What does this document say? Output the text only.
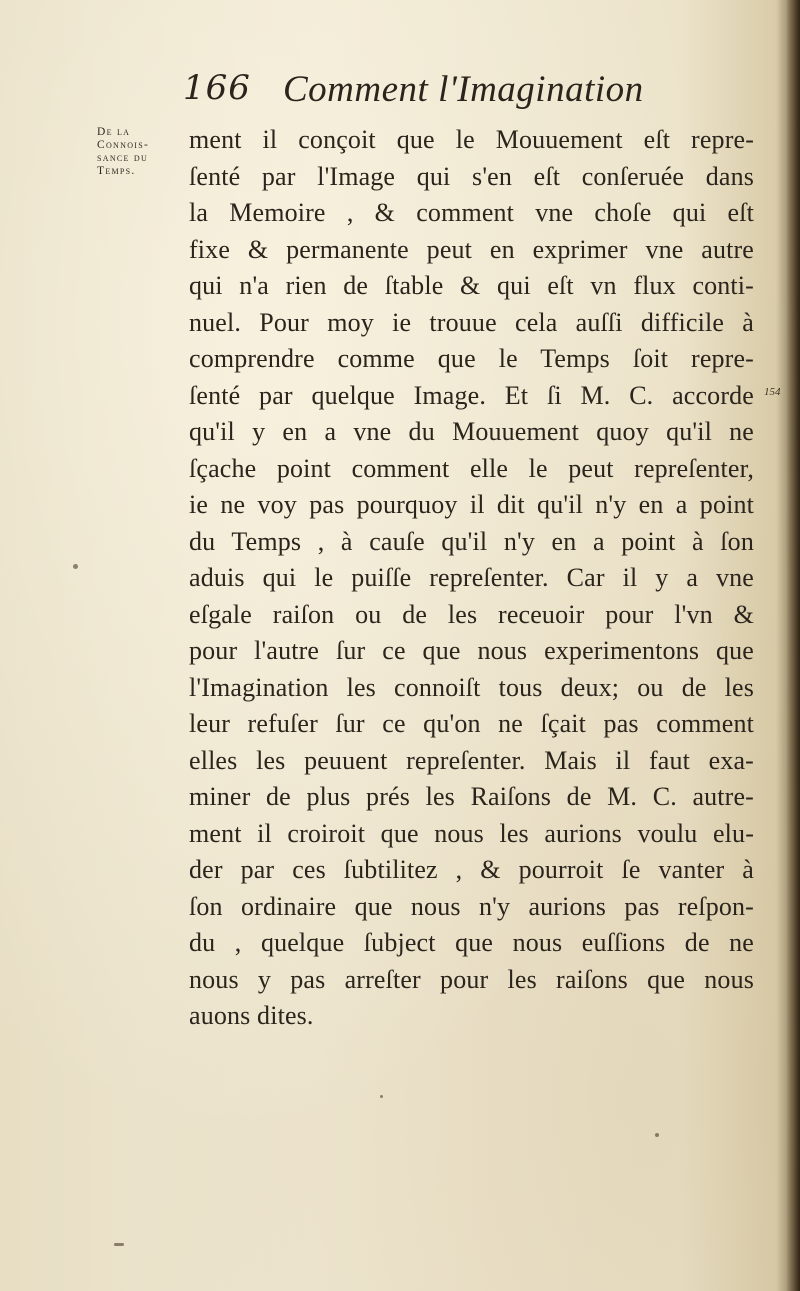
166 Comment l'Imagination
De la
Connois-
sance du
Temps.
154
ment il conçoit que le Mouuement eſt repre-
ſenté par l'Image qui s'en eſt conſeruée dans
la Memoire , & comment vne choſe qui eſt
fixe & permanente peut en exprimer vne autre
qui n'a rien de ſtable & qui eſt vn flux conti-
nuel. Pour moy ie trouue cela auſſi difficile à
comprendre comme que le Temps ſoit repre-
ſenté par quelque Image. Et ſi M. C. accorde
qu'il y en a vne du Mouuement quoy qu'il ne
ſçache point comment elle le peut repreſenter,
ie ne voy pas pourquoy il dit qu'il n'y en a point
du Temps , à cauſe qu'il n'y en a point à ſon
aduis qui le puiſſe repreſenter. Car il y a vne
eſgale raiſon ou de les receuoir pour l'vn &
pour l'autre ſur ce que nous experimentons que
l'Imagination les connoiſt tous deux; ou de les
leur refuſer ſur ce qu'on ne ſçait pas comment
elles les peuuent repreſenter. Mais il faut exa-
miner de plus prés les Raiſons de M. C. autre-
ment il croiroit que nous les aurions voulu elu-
der par ces ſubtilitez , & pourroit ſe vanter à
ſon ordinaire que nous n'y aurions pas reſpon-
du , quelque ſubject que nous euſſions de ne
nous y pas arreſter pour les raiſons que nous
auons dites.
